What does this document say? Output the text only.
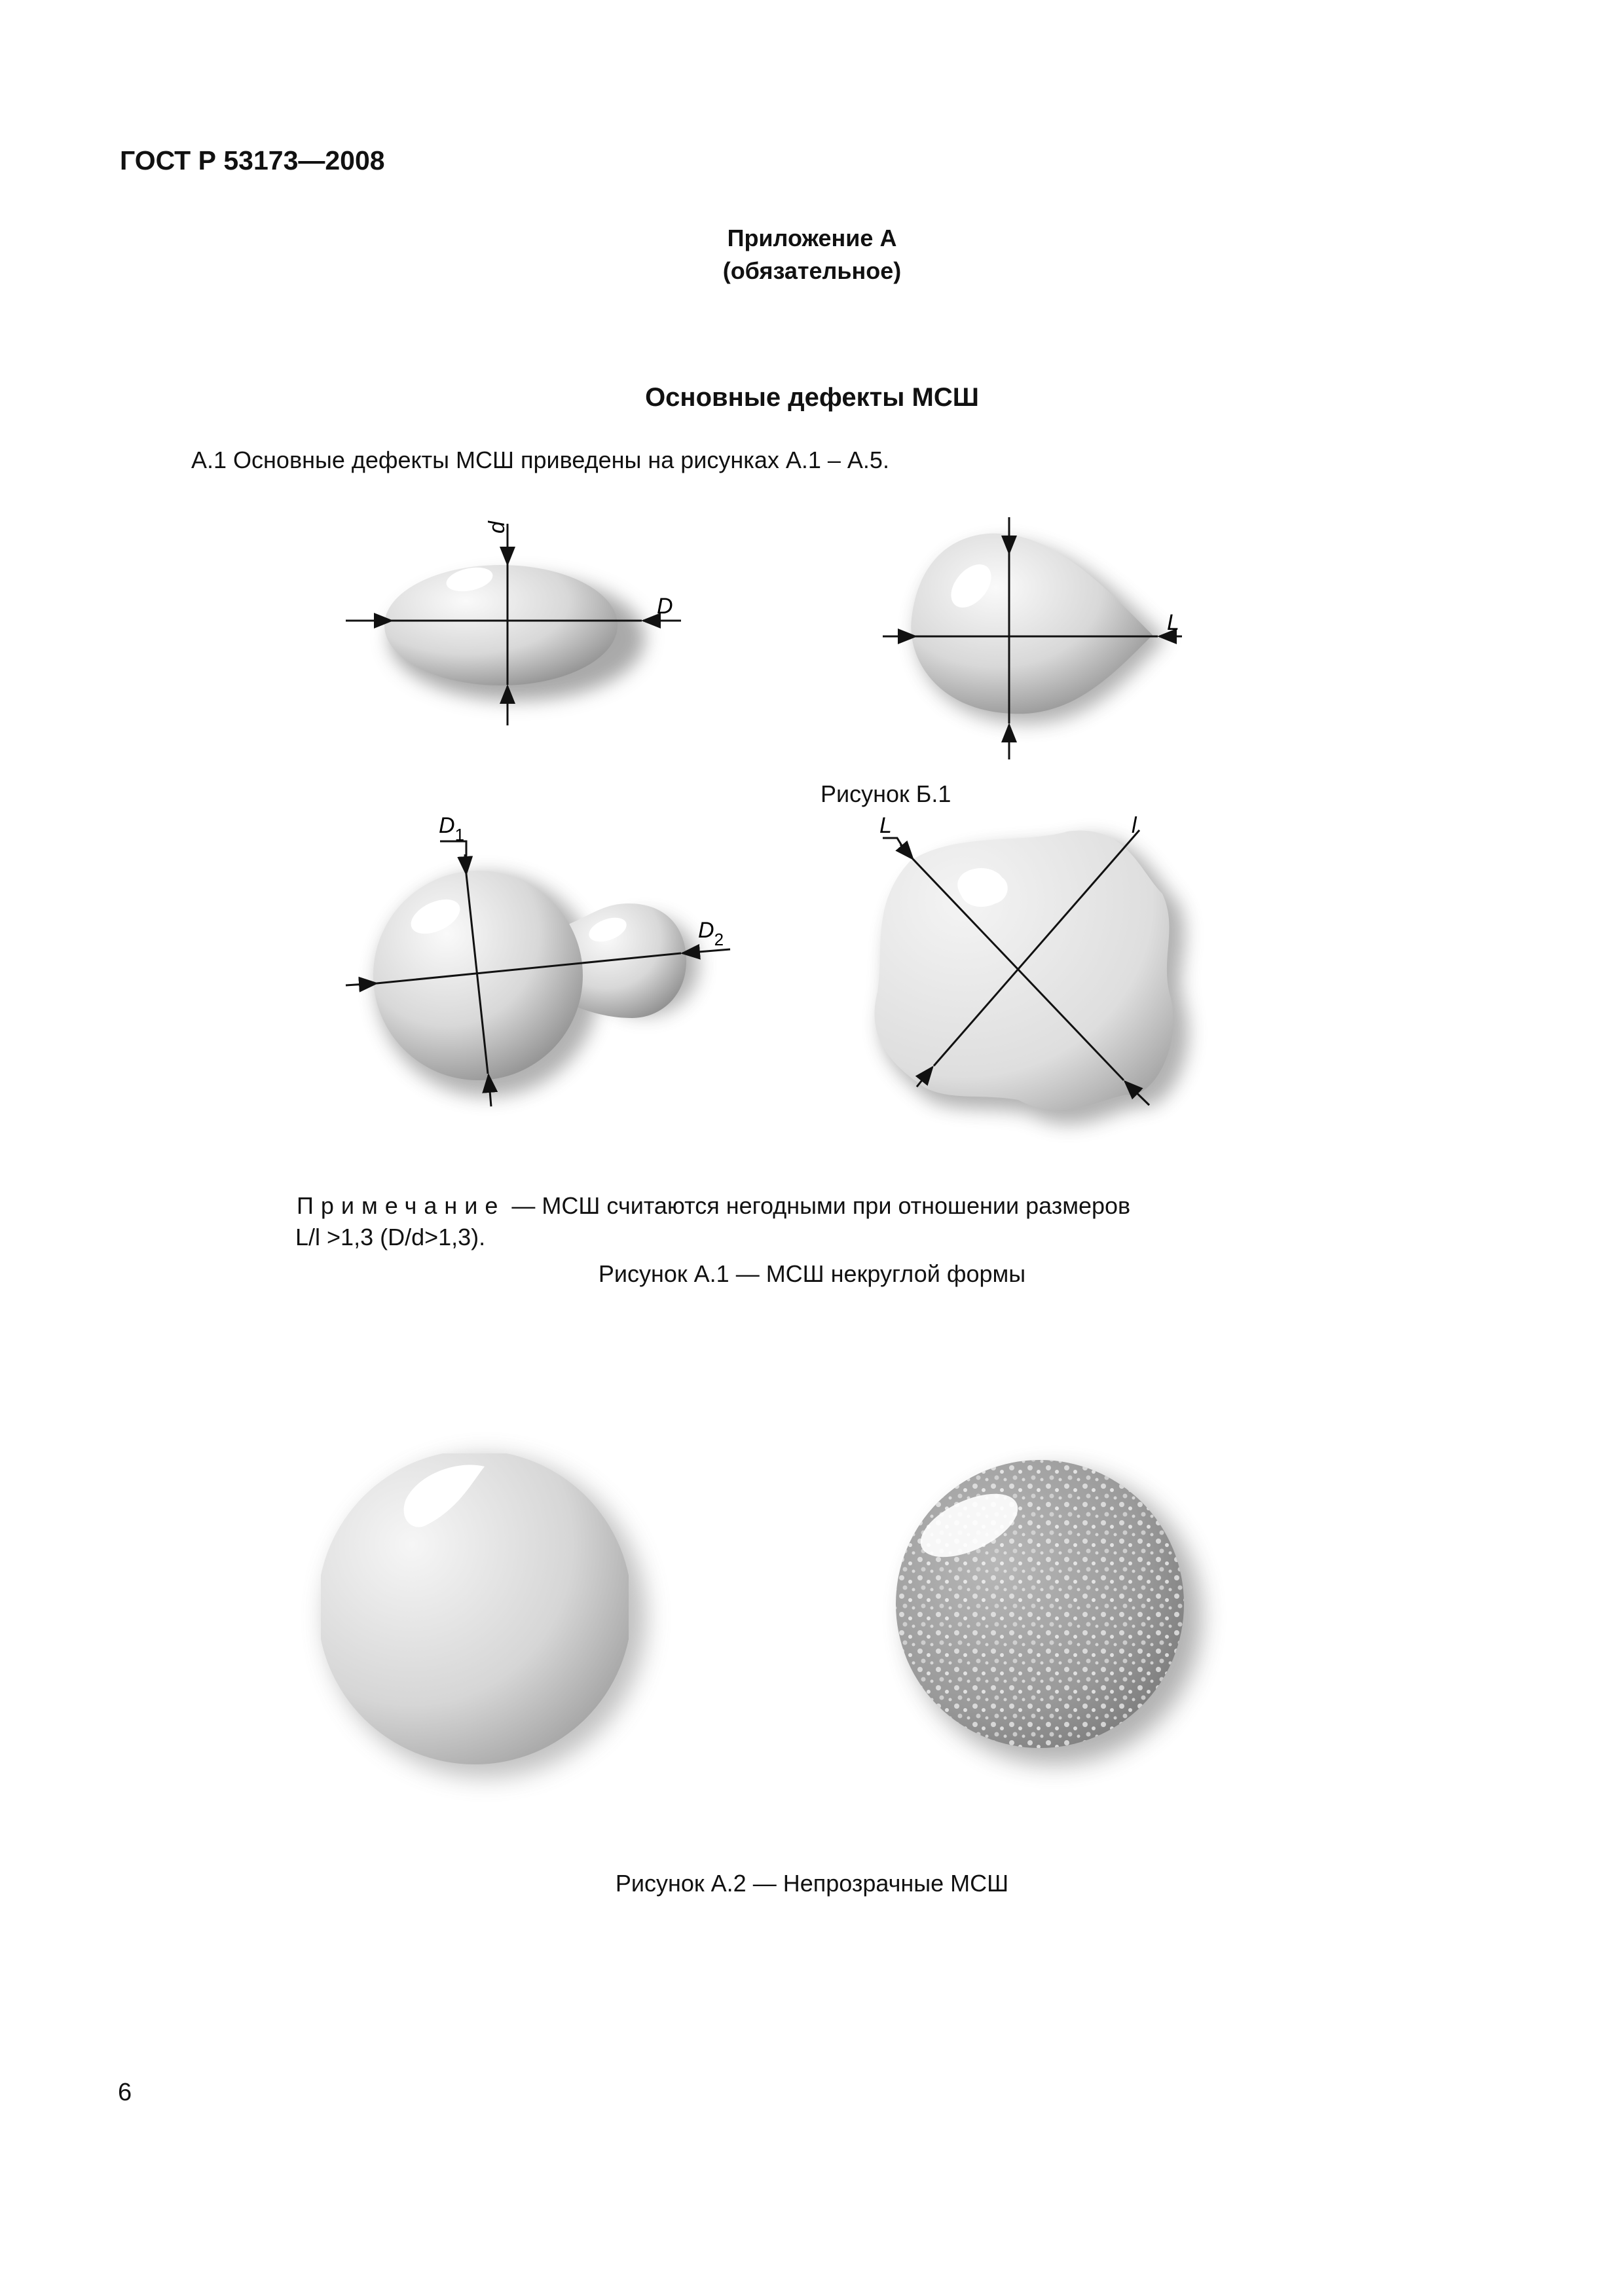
ГОСТ Р 53173—2008
Приложение А
(обязательное)
Основные дефекты МСШ
А.1 Основные дефекты МСШ приведены на рисунках А.1 – А.5.
d
D
L
$D_1$
$D_2$
L	l
Рисунок Б.1
Примечание — МСШ считаются негодными при отношении размеров
L/l >1,3 (D/d>1,3).
Рисунок А.1 — МСШ некруглой формы
Рисунок А.2 — Непрозрачные МСШ
6
